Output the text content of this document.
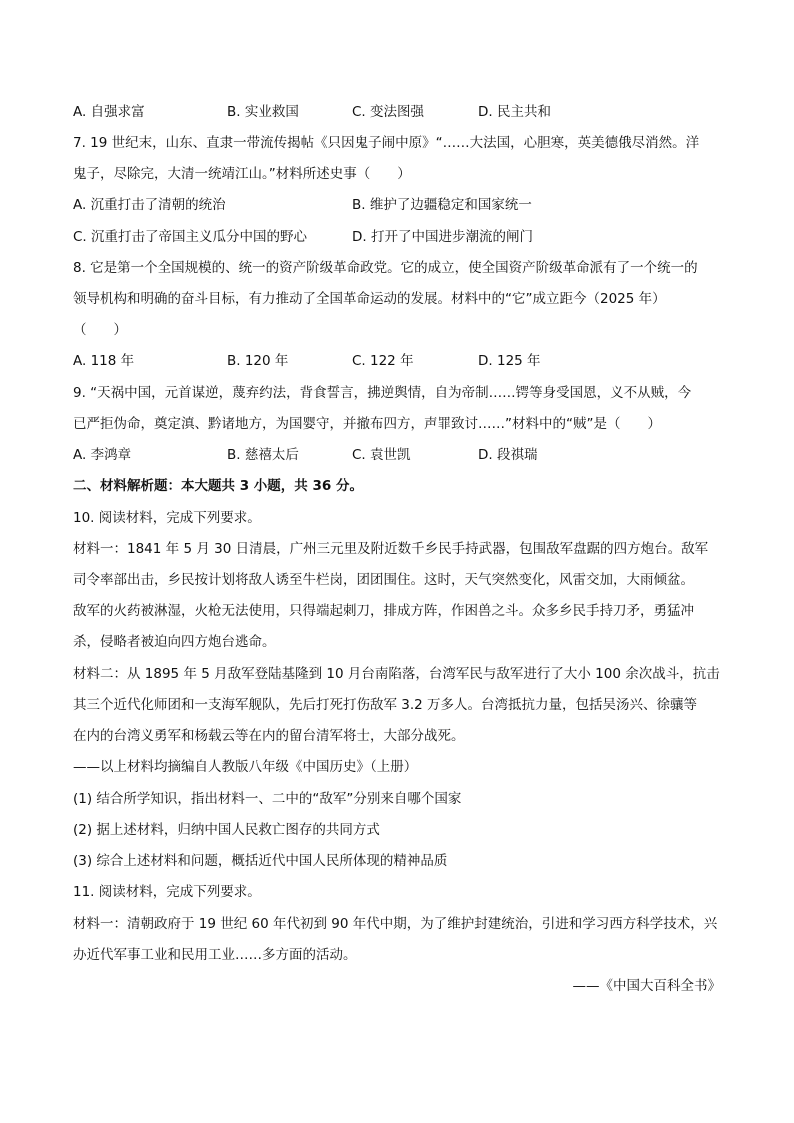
A. 自强求富	B. 实业救国	C. 变法图强	D. 民主共和
7. 19 世纪末，山东、直隶一带流传揭帖《只因鬼子闹中原》“……大法国，心胆寒，英美德俄尽消然。洋
鬼子，尽除完，大清一统靖江山。”材料所述史事（　　）
A. 沉重打击了清朝的统治	B. 维护了边疆稳定和国家统一
C. 沉重打击了帝国主义瓜分中国的野心	D. 打开了中国进步潮流的闸门
8. 它是第一个全国规模的、统一的资产阶级革命政党。它的成立，使全国资产阶级革命派有了一个统一的
领导机构和明确的奋斗目标，有力推动了全国革命运动的发展。材料中的“它”成立距今（2025 年）
（　　）
A. 118 年	B. 120 年	C. 122 年	D. 125 年
9. “天祸中国，元首谋逆，蔑弃约法，背食誓言，拂逆舆情，自为帝制……锷等身受国恩，义不从贼，今
已严拒伪命，奠定滇、黔诸地方，为国婴守，并撤布四方，声罪致讨……”材料中的“贼”是（　　）
A. 李鸿章	B. 慈禧太后	C. 袁世凯	D. 段祺瑞
二、材料解析题：本大题共 3 小题，共 36 分。
10. 阅读材料，完成下列要求。
材料一：1841 年 5 月 30 日清晨，广州三元里及附近数千乡民手持武器，包围敌军盘踞的四方炮台。敌军
司令率部出击，乡民按计划将敌人诱至牛栏岗，团团围住。这时，天气突然变化，风雷交加，大雨倾盆。
敌军的火药被淋湿，火枪无法使用，只得端起刺刀，排成方阵，作困兽之斗。众多乡民手持刀矛，勇猛冲
杀，侵略者被迫向四方炮台逃命。
材料二：从 1895 年 5 月敌军登陆基隆到 10 月台南陷落，台湾军民与敌军进行了大小 100 余次战斗，抗击
其三个近代化师团和一支海军舰队，先后打死打伤敌军 3.2 万多人。台湾抵抗力量，包括吴汤兴、徐骧等
在内的台湾义勇军和杨载云等在内的留台清军将士，大部分战死。
——以上材料均摘编自人教版八年级《中国历史》（上册）
(1) 结合所学知识，指出材料一、二中的“敌军”分别来自哪个国家
(2) 据上述材料，归纳中国人民救亡图存的共同方式
(3) 综合上述材料和问题，概括近代中国人民所体现的精神品质
11. 阅读材料，完成下列要求。
材料一：清朝政府于 19 世纪 60 年代初到 90 年代中期，为了维护封建统治，引进和学习西方科学技术，兴
办近代军事工业和民用工业……多方面的活动。
——《中国大百科全书》
